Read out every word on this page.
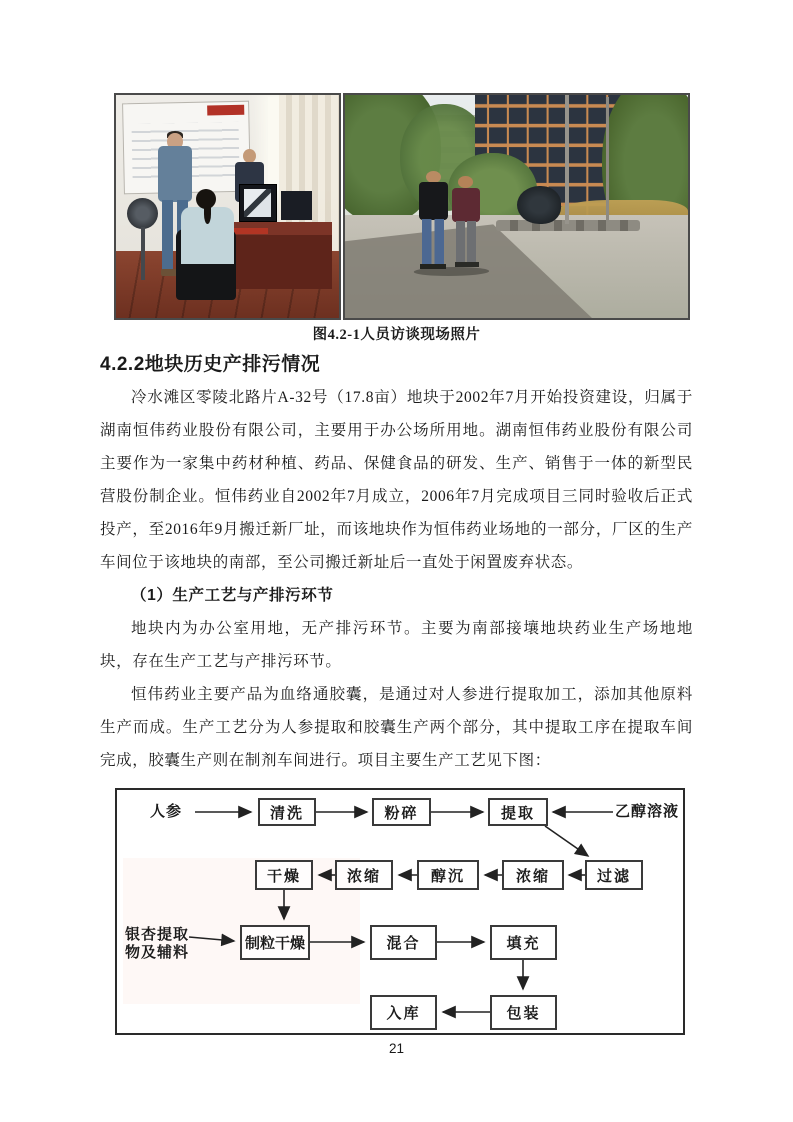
图4.2-1人员访谈现场照片
4.2.2地块历史产排污情况

冷水滩区零陵北路片A-32号（17.8亩）地块于2002年7月开始投资建设，归属于湖南恒伟药业股份有限公司，主要用于办公场所用地。湖南恒伟药业股份有限公司主要作为一家集中药材种植、药品、保健食品的研发、生产、销售于一体的新型民营股份制企业。恒伟药业自2002年7月成立，2006年7月完成项目三同时验收后正式投产，至2016年9月搬迁新厂址，而该地块作为恒伟药业场地的一部分，厂区的生产车间位于该地块的南部，至公司搬迁新址后一直处于闲置废弃状态。

（1）生产工艺与产排污环节

地块内为办公室用地，无产排污环节。主要为南部接壤地块药业生产场地地块，存在生产工艺与产排污环节。

恒伟药业主要产品为血络通胶囊，是通过对人参进行提取加工，添加其他原料生产而成。生产工艺分为人参提取和胶囊生产两个部分，其中提取工序在提取车间完成，胶囊生产则在制剂车间进行。项目主要生产工艺见下图：

人参	乙醇溶液
银杏提取
物及辅料
清洗	粉碎	提取
干燥	浓缩	醇沉	浓缩	过滤
制粒干燥	混合	填充
入库	包装
21
